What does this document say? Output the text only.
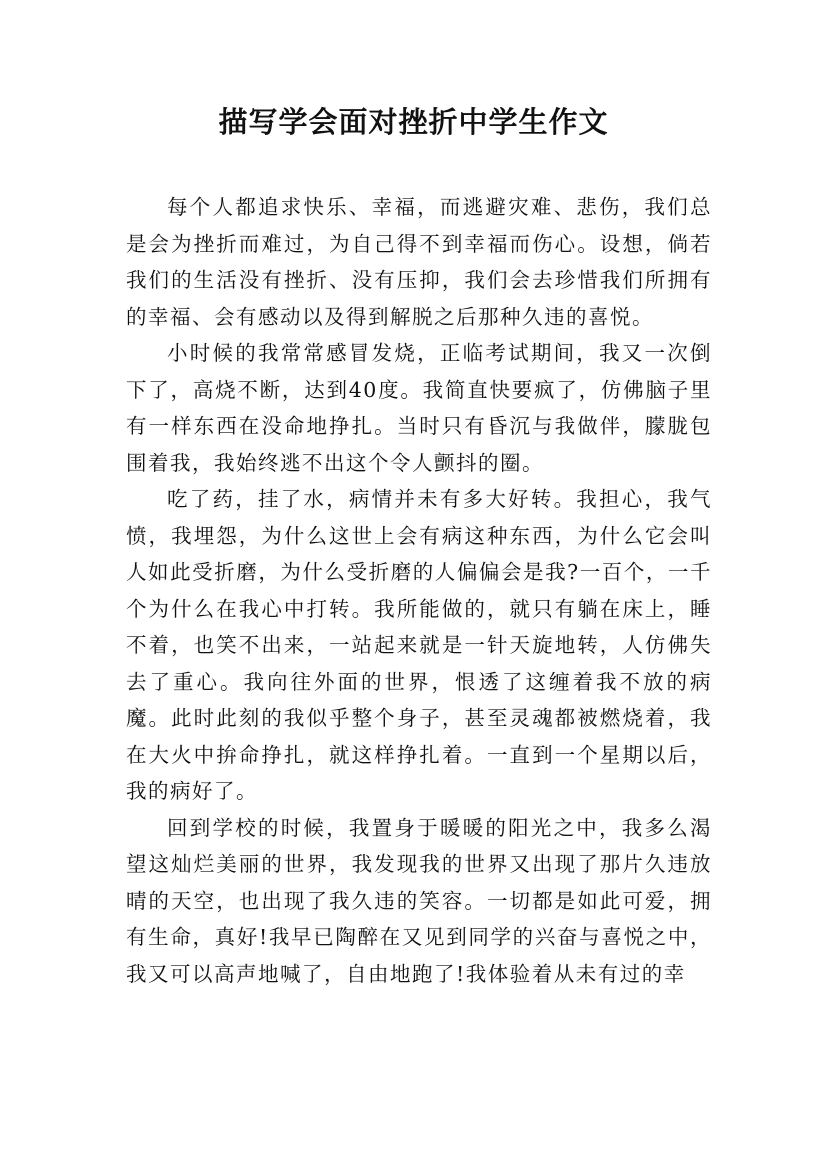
描写学会面对挫折中学生作文

每个人都追求快乐、幸福，而逃避灾难、悲伤，我们总是会为挫折而难过，为自己得不到幸福而伤心。设想，倘若我们的生活没有挫折、没有压抑，我们会去珍惜我们所拥有的幸福、会有感动以及得到解脱之后那种久违的喜悦。

小时候的我常常感冒发烧，正临考试期间，我又一次倒下了，高烧不断，达到40度。我简直快要疯了，仿佛脑子里有一样东西在没命地挣扎。当时只有昏沉与我做伴，朦胧包围着我，我始终逃不出这个令人颤抖的圈。

吃了药，挂了水，病情并未有多大好转。我担心，我气愤，我埋怨，为什么这世上会有病这种东西，为什么它会叫人如此受折磨，为什么受折磨的人偏偏会是我?一百个，一千个为什么在我心中打转。我所能做的，就只有躺在床上，睡不着，也笑不出来，一站起来就是一针天旋地转，人仿佛失去了重心。我向往外面的世界，恨透了这缠着我不放的病魔。此时此刻的我似乎整个身子，甚至灵魂都被燃烧着，我在大火中拚命挣扎，就这样挣扎着。一直到一个星期以后，我的病好了。

回到学校的时候，我置身于暖暖的阳光之中，我多么渴望这灿烂美丽的世界，我发现我的世界又出现了那片久违放晴的天空，也出现了我久违的笑容。一切都是如此可爱，拥有生命，真好!我早已陶醉在又见到同学的兴奋与喜悦之中，我又可以高声地喊了，自由地跑了!我体验着从未有过的幸
